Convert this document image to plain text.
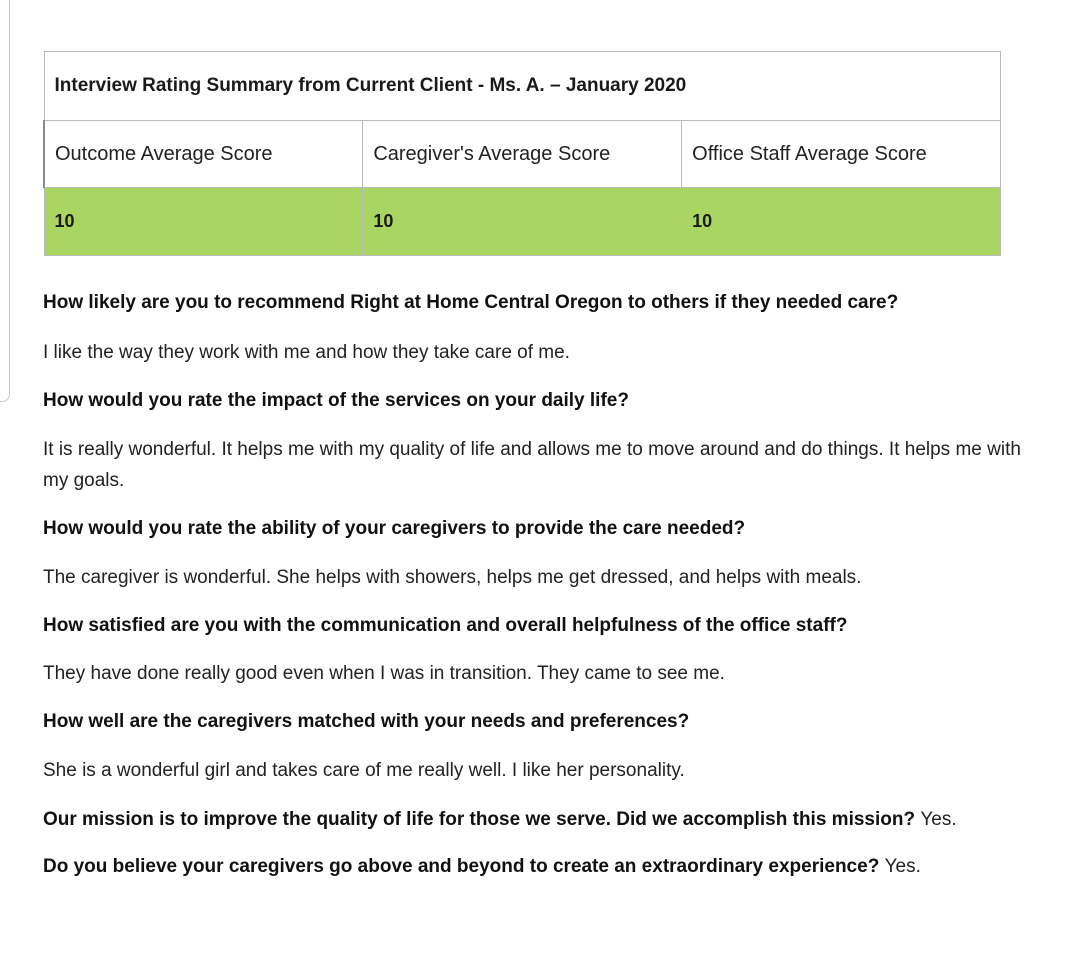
Interview Rating Summary from Current Client - Ms. A. – January 2020		
Outcome Average Score	Caregiver's Average Score	Office Staff Average Score
10	10	10

How likely are you to recommend Right at Home Central Oregon to others if they needed care?

I like the way they work with me and how they take care of me.

How would you rate the impact of the services on your daily life?

It is really wonderful. It helps me with my quality of life and allows me to move around and do things. It helps me with my goals.

How would you rate the ability of your caregivers to provide the care needed?

The caregiver is wonderful. She helps with showers, helps me get dressed, and helps with meals.

How satisfied are you with the communication and overall helpfulness of the office staff?

They have done really good even when I was in transition. They came to see me.

How well are the caregivers matched with your needs and preferences?

She is a wonderful girl and takes care of me really well. I like her personality.

Our mission is to improve the quality of life for those we serve. Did we accomplish this mission? Yes.

Do you believe your caregivers go above and beyond to create an extraordinary experience? Yes.
